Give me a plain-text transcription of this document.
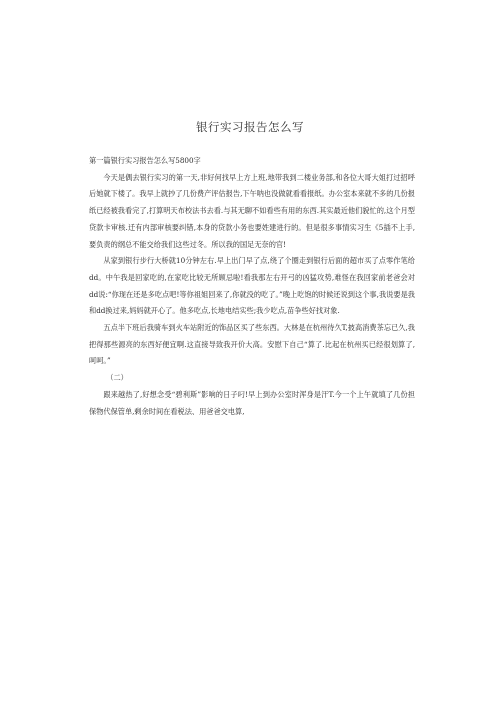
银行实习报告怎么写

第一篇银行实习报告怎么写5800字

今天是偶去银行实习的第一天,非好何找早上方上班,地带我到二楼业务部,和各位大哥大姐打过招呼后她就下楼了。我早上就抄了几份费产评估报告,下午呐也没做就看看报纸。办公室本来就不多的几份报纸已经被我看完了,打算明天布校法书去看.与其无聊不如看些有用的东西.其实最近他们貌忙的,这个月型贷款卡审核.迁有内部审核要纠错,本身的贷款小务也要姓建进行的。但是很多事情实习生《5插不上手,要负责的纲总不能交给我们这些过冬。所以我的国足无奈的官!

从家到银行步行大桥就10分钟左右.早上出门早了点,绕了个圈走到银行后面的超市买了点零作笔给dd。中午我是回家吃的,在家吃比较无所顾忌啦!看我那左右开弓的凶猛攻势,难怪在我回家前老爸会对dd说:“你现在还是多吃点吧!等你祖姐回来了,你就没的吃了。”晚上吃饱的时候还说到这个事,我说要是我和dd换过来,妈妈就开心了。他多吃点,长地电结实些;我少吃点,苗争些好找对象.

五点半下班后我骑车到火车站附近的饰品区买了些东西。大林是在杭州待久T,披高消费茶忘已久,我把得那些源亮的东西好便宜啊.这直接导致我开价大高。安慰下自己“算了.比起在杭州买已经很划算了,呵呵。”

（二）

跟来越热了,好想念受“碧利斯”影响的日子叼!早上到办公室时浑身是汗T.今一个上午就填了几份担保物代保管单,剩余时间在看税法、用爸爸交电算,
